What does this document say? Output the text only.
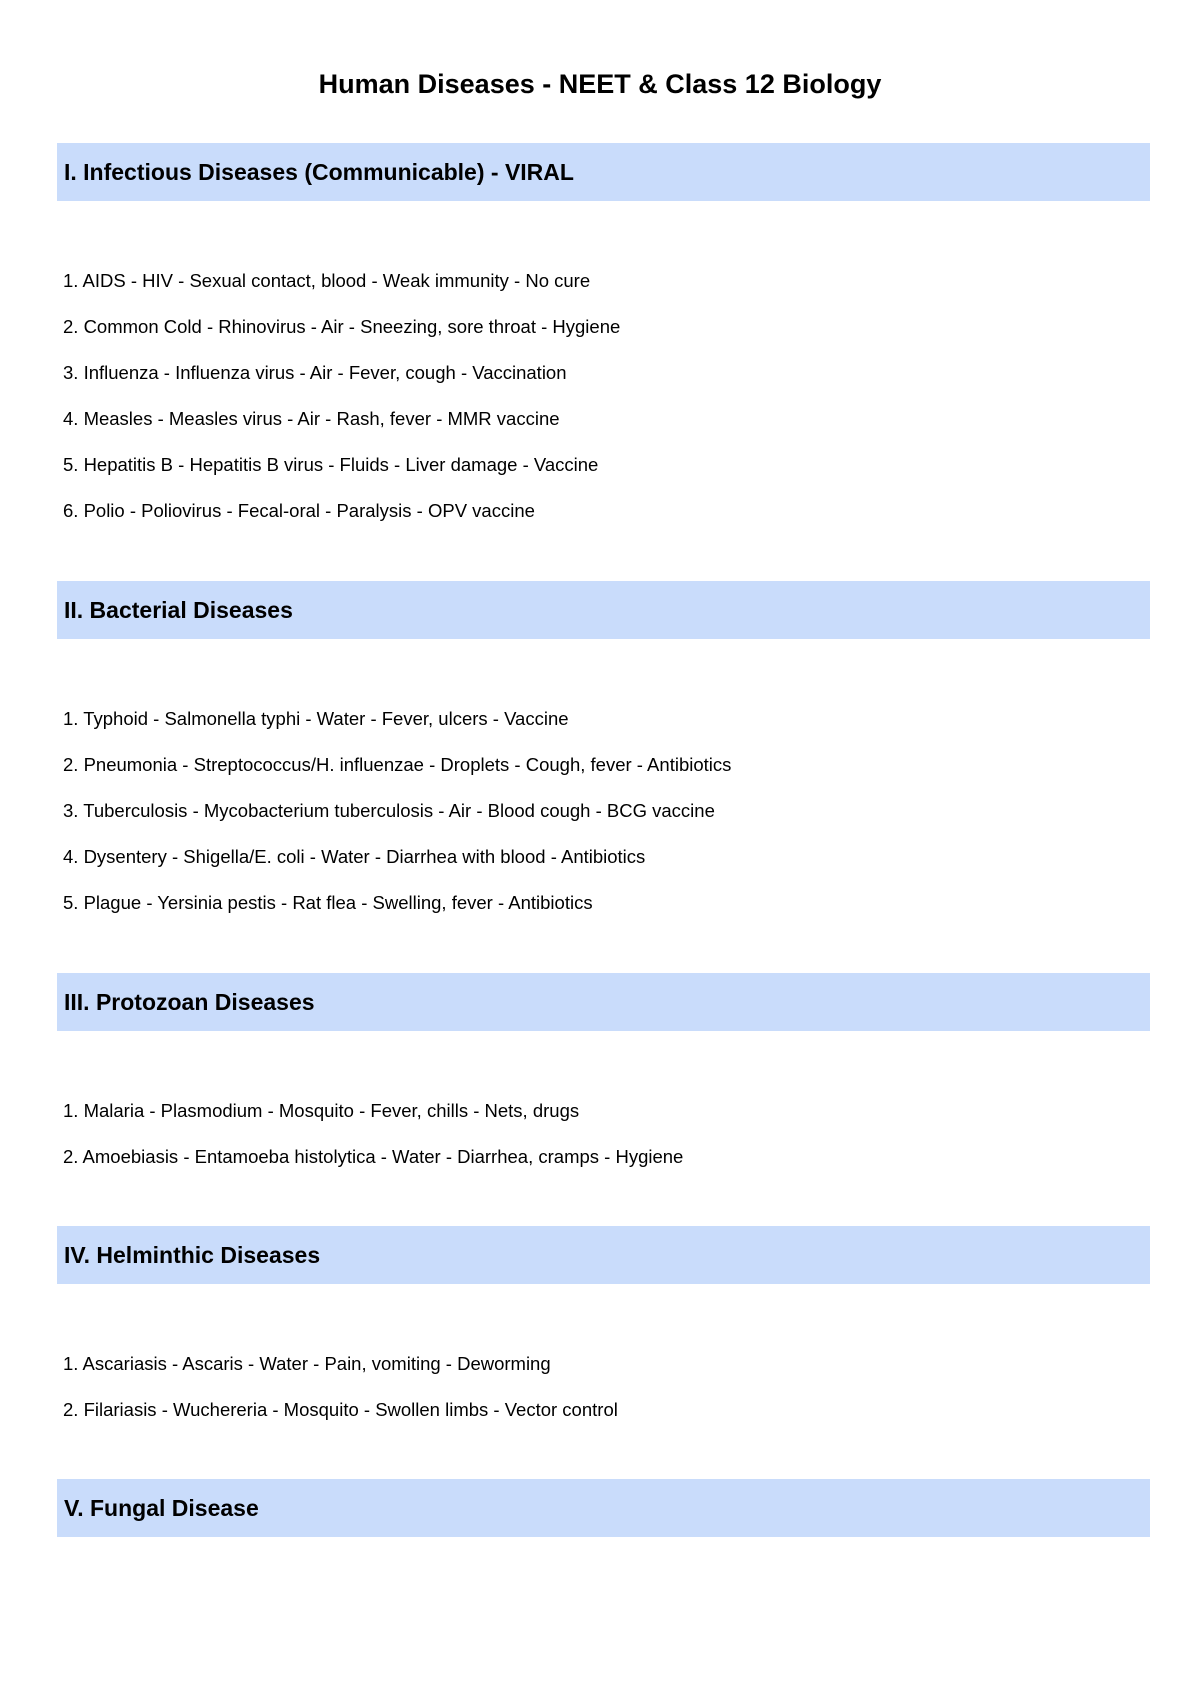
Human Diseases - NEET & Class 12 Biology
I. Infectious Diseases (Communicable) - VIRAL
1. AIDS - HIV - Sexual contact, blood - Weak immunity - No cure
2. Common Cold - Rhinovirus - Air - Sneezing, sore throat - Hygiene
3. Influenza - Influenza virus - Air - Fever, cough - Vaccination
4. Measles - Measles virus - Air - Rash, fever - MMR vaccine
5. Hepatitis B - Hepatitis B virus - Fluids - Liver damage - Vaccine
6. Polio - Poliovirus - Fecal-oral - Paralysis - OPV vaccine
II. Bacterial Diseases
1. Typhoid - Salmonella typhi - Water - Fever, ulcers - Vaccine
2. Pneumonia - Streptococcus/H. influenzae - Droplets - Cough, fever - Antibiotics
3. Tuberculosis - Mycobacterium tuberculosis - Air - Blood cough - BCG vaccine
4. Dysentery - Shigella/E. coli - Water - Diarrhea with blood - Antibiotics
5. Plague - Yersinia pestis - Rat flea - Swelling, fever - Antibiotics
III. Protozoan Diseases
1. Malaria - Plasmodium - Mosquito - Fever, chills - Nets, drugs
2. Amoebiasis - Entamoeba histolytica - Water - Diarrhea, cramps - Hygiene
IV. Helminthic Diseases
1. Ascariasis - Ascaris - Water - Pain, vomiting - Deworming
2. Filariasis - Wuchereria - Mosquito - Swollen limbs - Vector control
V. Fungal Disease
